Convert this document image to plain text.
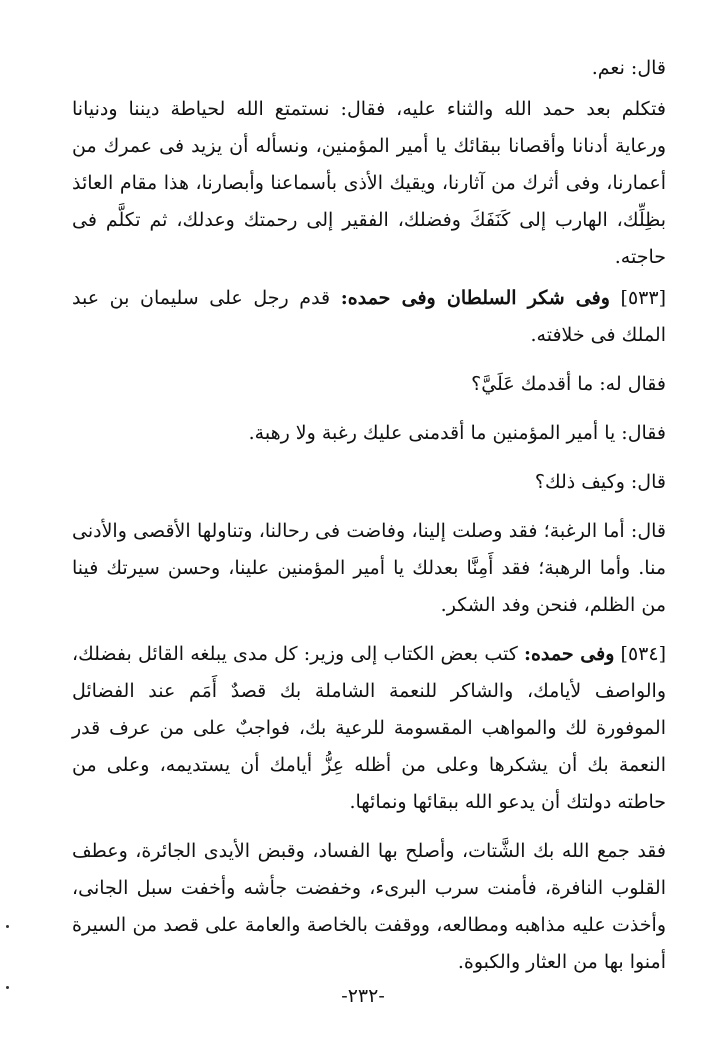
قال: نعم.

فتكلم بعد حمد الله والثناء عليه، فقال: نستمتع الله لحياطة ديننا ودنيانا ورعاية أدنانا وأقصانا ببقائك يا أمير المؤمنين، ونسأله أن يزيد فى عمرك من أعمارنا، وفى أثرك من آثارنا، ويقيك الأذى بأسماعنا وأبصارنا، هذا مقام العائذ بظِلِّك، الهارب إلى كَنَفَكَ وفضلك، الفقير إلى رحمتك وعدلك، ثم تكلَّم فى حاجته.

[٥٣٣] وفى شكر السلطان وفى حمده: قدم رجل على سليمان بن عبد الملك فى خلافته.

فقال له: ما أقدمك عَلَيَّ؟

فقال: يا أمير المؤمنين ما أقدمنى عليك رغبة ولا رهبة.

قال: وكيف ذلك؟

قال: أما الرغبة؛ فقد وصلت إلينا، وفاضت فى رحالنا، وتناولها الأقصى والأدنى منا. وأما الرهبة؛ فقد أَمِنَّا بعدلك يا أمير المؤمنين علينا، وحسن سيرتك فينا من الظلم، فنحن وفد الشكر.

[٥٣٤] وفى حمده: كتب بعض الكتاب إلى وزير: كل مدى يبلغه القائل بفضلك، والواصف لأيامك، والشاكر للنعمة الشاملة بك قصدٌ أَمَم عند الفضائل الموفورة لك والمواهب المقسومة للرعية بك، فواجبٌ على من عرف قدر النعمة بك أن يشكرها وعلى من أظله عِزُّ أيامك أن يستديمه، وعلى من حاطته دولتك أن يدعو الله ببقائها ونمائها.

فقد جمع الله بك الشَّتات، وأصلح بها الفساد، وقبض الأيدى الجائرة، وعطف القلوب النافرة، فأمنت سرب البرىء، وخفضت جأشه وأخفت سبل الجانى، وأخذت عليه مذاهبه ومطالعه، ووقفت بالخاصة والعامة على قصد من السيرة أمنوا بها من العثار والكبوة.

-٢٣٢-
